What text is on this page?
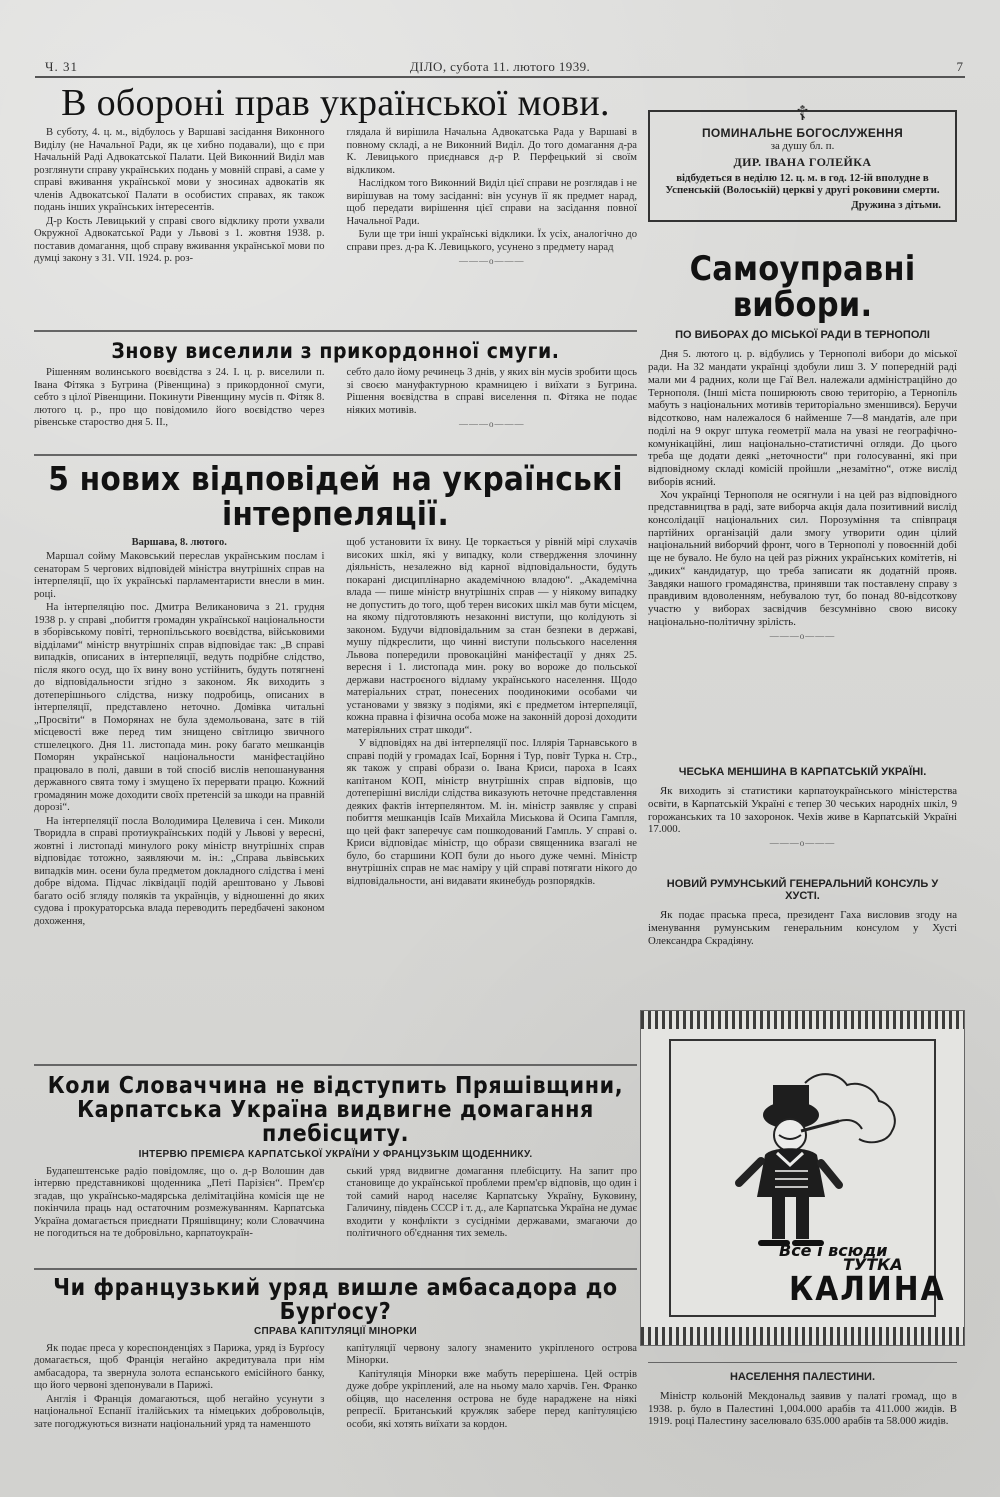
Ч. 31	ДІЛО, субота 11. лютого 1939.	7
В обороні прав української мови.

В суботу, 4. ц. м., відбулось у Варшаві засідання Виконного Виділу (не Начальної Ради, як це хибно подавали), що є при Начальній Раді Адвокатської Палати. Цей Виконний Виділ мав розглянути справу українських подань у мовній справі, а саме у справі вживання української мови у зносинах адвокатів як членів Адвокатської Палати в особистих справах, як також подань інших українських інтересентів.

Д-р Кость Левицький у справі свого відклику проти ухвали Окружної Адвокатської Ради у Львові з 1. жовтня 1938. р. поставив домагання, щоб справу вживання української мови по думці закону з 31. VII. 1924. р. роз-

глядала й вирішила Начальна Адвокатська Рада у Варшаві в повному складі, а не Виконний Виділ. До того домагання д-ра К. Левицького приєднався д-р Р. Перфецький зі своїм відкликом.

Наслідком того Виконний Виділ цієї справи не розглядав і не вирішував на тому засіданні: він усунув її як предмет нарад, щоб передати вирішення цієї справи на засідання повної Начальної Ради.

Були ще три інші українські відклики. Їх усіх, аналогічно до справи през. д-ра К. Левицького, усунено з предмету нарад

———o———
Знову виселили з прикордонної смуги.

Рішенням волинського воєвідства з 24. І. ц. р. виселили п. Івана Фітяка з Бугрина (Рівенщина) з прикордонної смуги, себто з цілої Рівенщини. Покинути Рівенщину мусів п. Фітяк 8. лютого ц. р., про що повідомило його воєвідство через рівенське староство дня 5. ІІ.,

себто дало йому речинець 3 днів, у яких він мусів зробити щось зі своєю мануфактурною крамницею і виїхати з Бугрина. Рішення воєвідства в справі виселення п. Фітяка не подає ніяких мотивів.

———o———
5 нових відповідей на українські інтерпеляції.
Варшава, 8. лютого.

Маршал сойму Маковський переслав українським послам і сенаторам 5 чергових відповідей міністра внутрішніх справ на інтерпеляції, що їх українські парламентаристи внесли в мин. році.

На інтерпеляцію пос. Дмитра Великановича з 21. грудня 1938 р. у справі „побиття громадян української національности в зборівському повіті, тернопільського воєвідства, військовими відділами“ міністр внутрішніх справ відповідає так: „В справі випадків, описаних в інтерпеляції, ведуть подрібне слідство, після якого осуд, що їх вину воно устійнить, будуть потягнені до відповідальности згідно з законом. Як виходить з дотеперішнього слідства, низку подробиць, описаних в інтерпеляції, представлено неточно. Домівка читальні „Просвіти“ в Поморянах не була здемольована, затє в тій місцевості вже перед тим знищено світлицю звичного стшелецкого. Дня 11. листопада мин. року багато мешканців Поморян української національности маніфестаційно працювало в полі, давши в той спосіб вислів непошанування державного свята тому і змущено їх перервати працю. Кожний громадянин може доходити своїх претенсій за шкоди на правній дорозі“.

На інтерпеляції посла Володимира Целевича і сен. Миколи Творидла в справі протиукраїнських подій у Львові у вересні, жовтні і листопаді минулого року міністр внутрішніх справ відповідає тотожно, заявляючи м. ін.: „Справа львівських випадків мин. осени була предметом докладного слідства і мені добре відома. Підчас ліквідації подій арештовано у Львові багато осіб згляду поляків та українців, у відношенні до яких судова і прокураторська влада переводить передбачені законом дохоження,

щоб установити їх вину. Це торкається у рівній мірі слухачів високих шкіл, які у випадку, коли ствердження злочинну діяльність, незалежно від карної відповідальности, будуть покарані дисциплінарно академічною владою“. „Академічна влада — пише міністр внутрішніх справ — у ніякому випадку не допустить до того, щоб терен високих шкіл мав бути місцем, на якому підготовляють незаконні виступи, що колідують зі законом. Будучи відповідальним за стан безпеки в державі, мушу підкреслити, що чинні виступи польського населення Львова попередили провокаційні маніфестації у днях 25. вересня і 1. листопада мин. року во вороже до польської держави настроєного відламу українського населення. Щодо матеріальних страт, понесених поодинокими особами чи установами у звязку з подіями, які є предметом інтерпеляції, кожна правна і фізична особа може на законній дорозі доходити матеріяльних страт шкоди“.

У відповідях на дві інтерпеляції пос. Іллярія Тарнавського в справі подій у громадах Ісаї, Борння і Тур, повіт Турка н. Стр., як також у справі образи о. Івана Криси, пароха в Ісаях капітаном КОП, міністр внутрішніх справ відповів, що дотеперішні висліди слідства виказують неточне представлення деяких фактів інтерпелянтом. М. ін. міністр заявляє у справі побиття мешканців Ісаїв Михайла Миськова й Осипа Гампля, що цей факт заперечує сам пошкодований Гампль. У справі о. Криси відповідає міністр, що образи священника взагалі не було, бо старшини КОП були до нього дуже чемні. Міністр внутрішніх справ не має наміру у цій справі потягати нікого до відповідальности, ані видавати якинебудь розпорядків.

Коли Словаччина не відступить Пряшівщини,
Карпатська Україна видвигне домагання плебісциту.
ІНТЕРВЮ ПРЕМІЄРА КАРПАТСЬКОЇ УКРАЇНИ У ФРАНЦУЗЬКІМ ЩОДЕННИКУ.

Будапештенське радіо повідомляє, що о. д-р Волошин дав інтервю представникові щоденника „Петі Парізієн“. Прем'єр згадав, що українсько-мадярська делімітаційна комісія ще не покінчила праць над остаточним розмежуванням. Карпатська Україна домагається приєднати Пряшівщину; коли Словаччина не погодиться на те добровільно, карпатоукраїн-

ський уряд видвигне домагання плебісциту. На запит про становище до української проблеми прем'єр відповів, що один і той самий народ населяє Карпатську Україну, Буковину, Галичину, південь СССР і т. д., але Карпатська Україна не думає входити у конфлікти з сусідніми державами, змагаючи до політичного об'єднання тих земель.

Чи французький уряд вишле амбасадора до Бурґосу?
СПРАВА КАПІТУЛЯЦІЇ МІНОРКИ

Як подає преса у кореспонденціях з Парижа, уряд із Бурґосу домагається, щоб Франція негайно акредитувала при нім амбасадора, та звернула золота еспанського емісійного банку, що його червоні здепонували в Парижі.

Англія і Франція домагаються, щоб негайно усунути з національної Еспанії італійських та німецьких добровольців, зате погоджуються визнати національний уряд та наменшото

капітуляції червону залогу знаменито укріпленого острова Мінорки.

Капітуляція Мінорки вже мабуть перерішена. Цей острів дуже добре укріплений, але на ньому мало харчів. Ген. Франко обіцяв, що населення острова не буде нараджене на ніякі репресії. Британський кружляк забере перед капітуляцією особи, які хотять виїхати за кордон.

☦
ПОМИНАЛЬНЕ БОГОСЛУЖЕННЯ
за душу бл. п.
ДИР. ІВАНА ГОЛЕЙКА
відбудеться в неділю 12. ц. м. в год. 12-ій вполудне в Успенській (Волоській) церкві у другі роковини смерти.
Дружина з дітьми.
Самоуправні вибори.
ПО ВИБОРАХ ДО МІСЬКОЇ РАДИ В ТЕРНОПОЛІ

Дня 5. лютого ц. р. відбулись у Тернополі вибори до міської ради. На 32 мандати українці здобули лиш 3. У попередній раді мали ми 4 радних, коли ще Гаї Вел. належали адміністраційно до Тернополя. (Інші міста поширюють свою територію, а Тернопіль мабуть з національних мотивів територіально зменшився). Беручи відсотково, нам належалося 6 найменше 7—8 мандатів, але при поділі на 9 округ штука геометрії мала на увазі не географічно-комунікаційні, лиш національно-статистичні огляди. До цього треба ще додати деякі „неточности“ при голосуванні, які при відповідному складі комісій пройшли „незамітно“, отже вислід виборів ясний.

Хоч українці Тернополя не осягнули і на цей раз відповідного представництва в раді, зате виборча акція дала позитивний вислід консолідації національних сил. Порозуміння та співпраця партійних організацій дали змогу утворити один цілий національний виборчий фронт, чого в Тернополі у повоєнній добі ще не бувало. Не було на цей раз ріжних українських комітетів, ні „диких“ кандидатур, що треба записати як додатній прояв. Завдяки нашого громадянства, принявши так поставлену справу з правдивим вдоволенням, небувалою тут, бо понад 80-відсоткову участю у виборах засвідчив безсумнівно свою високу національно-політичну зрілість.

———o———
ЧЕСЬКА МЕНШИНА В КАРПАТСЬКІЙ УКРАЇНІ.

Як виходить зі статистики карпатоукраїнського міністерства освіти, в Карпатській Україні є тепер 30 чеських народніх шкіл, 9 горожанських та 10 захоронок. Чехів живе в Карпатській Україні 17.000.

———o———
НОВИЙ РУМУНСЬКИЙ ГЕНЕРАЛЬНИЙ КОНСУЛЬ У ХУСТІ.

Як подає праська преса, президент Гаха висловив згоду на іменування румунським генеральним консулом у Хусті Олександра Скрадіяну.

Все і всюди
ТУТКА
КАЛИНА
НАСЕЛЕННЯ ПАЛЕСТИНИ.

Міністр кольоній Мекдональд заявив у палаті громад, що в 1938. р. було в Палестині 1,004.000 арабів та 411.000 жидів. В 1919. році Палестину заселювало 635.000 арабів та 58.000 жидів.
